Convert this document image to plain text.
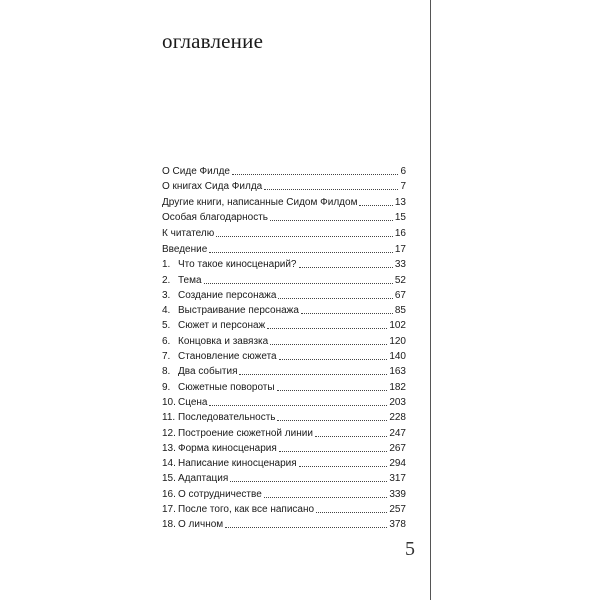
оглавление
О Сиде Филде	6
О книгах Сида Филда	7
Другие книги, написанные Сидом Филдом	13
Особая благодарность	15
К читателю	16
Введение	17
1. Что такое киносценарий?	33
2. Тема	52
3. Создание персонажа	67
4. Выстраивание персонажа	85
5. Сюжет и персонаж	102
6. Концовка и завязка	120
7. Становление сюжета	140
8. Два события	163
9. Сюжетные повороты	182
10. Сцена	203
11. Последовательность	228
12. Построение сюжетной линии	247
13. Форма киносценария	267
14. Написание киносценария	294
15. Адаптация	317
16. О сотрудничестве	339
17. После того, как все написано	257
18. О личном	378
5
